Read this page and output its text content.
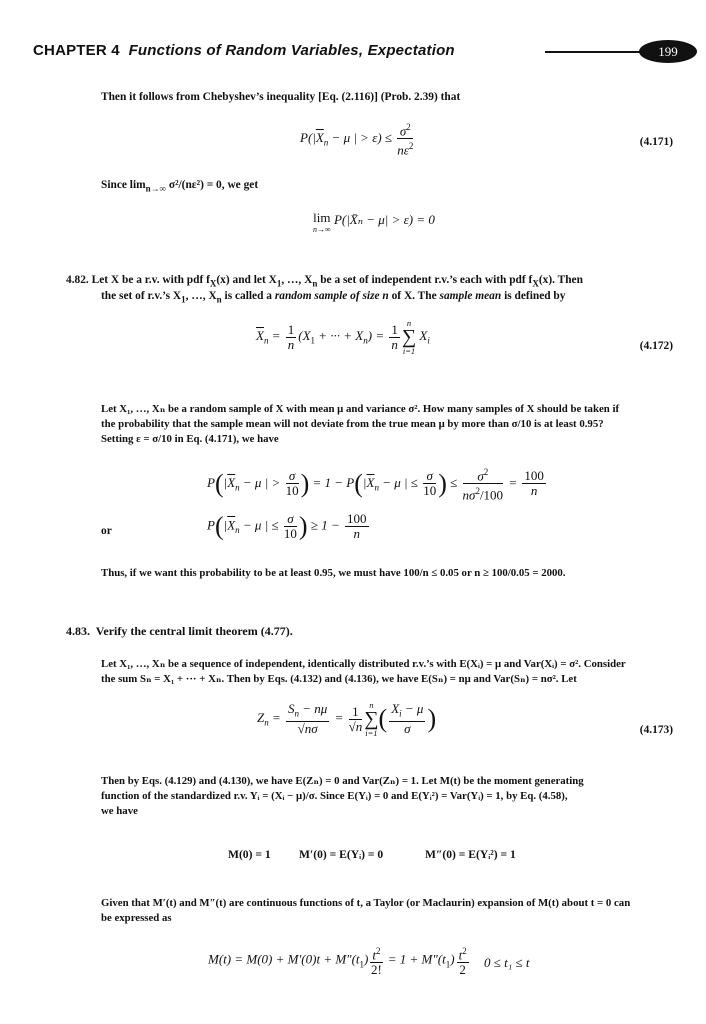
CHAPTER 4 Functions of Random Variables, Expectation	199
Then it follows from Chebyshev’s inequality [Eq. (2.116)] (Prob. 2.39) that
$P(|\overline{X}_n - \mu$ | > $\varepsilon) \le \frac{\sigma^2}{n\varepsilon^2}$	(4.171)
Since $\lim_{n\to\infty} \sigma^2/(n\varepsilon^2) = 0$, we get
lim
n→∞
P(|X̄ₙ − μ| > ε) = 0
4.82. Let X be a r.v. with pdf $f_X(x)$ and let $X_1$, …, $X_n$ be a set of independent r.v.’s each with pdf $f_X(x)$. Then
the set of r.v.’s $X_1$, …, $X_n$ is called a random sample of size n of X. The sample mean is defined by
$\overline{X}_n = \frac{1}{n} (X_1$ + ··· + $X_n) = \frac{1}{n}$ n
∑
i=1
$X_i$	(4.172)
Let X₁, …, Xₙ be a random sample of X with mean μ and variance σ². How many samples of X should be taken if
the probability that the sample mean will not deviate from the true mean μ by more than σ/10 is at least 0.95?
Setting ε = σ/10 in Eq. (4.171), we have
$P(|\overline{X}_n - \mu$ | > $\frac{\sigma}{10}$ ) = $1 - P(|\overline{X}_n - \mu$ | ≤ $\frac{\sigma}{10}$ ) ≤ $\frac{\sigma^2}{n\sigma^2/100} = \frac{100}{n}$
or	$P(|\overline{X}_n - \mu$ | ≤ $\frac{\sigma}{10}$ ) ≥ $1 - \frac{100}{n}$
Thus, if we want this probability to be at least 0.95, we must have 100/n ≤ 0.05 or n ≥ 100/0.05 = 2000.
4.83. Verify the central limit theorem (4.77).
Let X₁, …, Xₙ be a sequence of independent, identically distributed r.v.’s with E(Xᵢ) = μ and Var(Xᵢ) = σ². Consider
the sum Sₙ = X₁ + ··· + Xₙ. Then by Eqs. (4.132) and (4.136), we have E(Sₙ) = nμ and Var(Sₙ) = nσ². Let
$Z_n = \frac{S_n - n\mu}{√n\sigma} = \frac{1}{√n}$ n
∑
i=1 ( $\frac{X_i - \mu}{\sigma}$ )	(4.173)
Then by Eqs. (4.129) and (4.130), we have E(Zₙ) = 0 and Var(Zₙ) = 1. Let M(t) be the moment generating
function of the standardized r.v. Yᵢ = (Xᵢ − μ)/σ. Since E(Yᵢ) = 0 and E(Yᵢ²) = Var(Yᵢ) = 1, by Eq. (4.58),
we have
M(0) = 1 M′(0) = E(Yᵢ) = 0	M″(0) = E(Yᵢ²) = 1
Given that M′(t) and M″(t) are continuous functions of t, a Taylor (or Maclaurin) expansion of M(t) about t = 0 can
be expressed as
$M(t) = M(0) + M'(0)t + M''(t_1) \frac{t^2}{2!} = 1 + M''(t_1) \frac{t^2}{2} 0 \le t_1 \le t$
